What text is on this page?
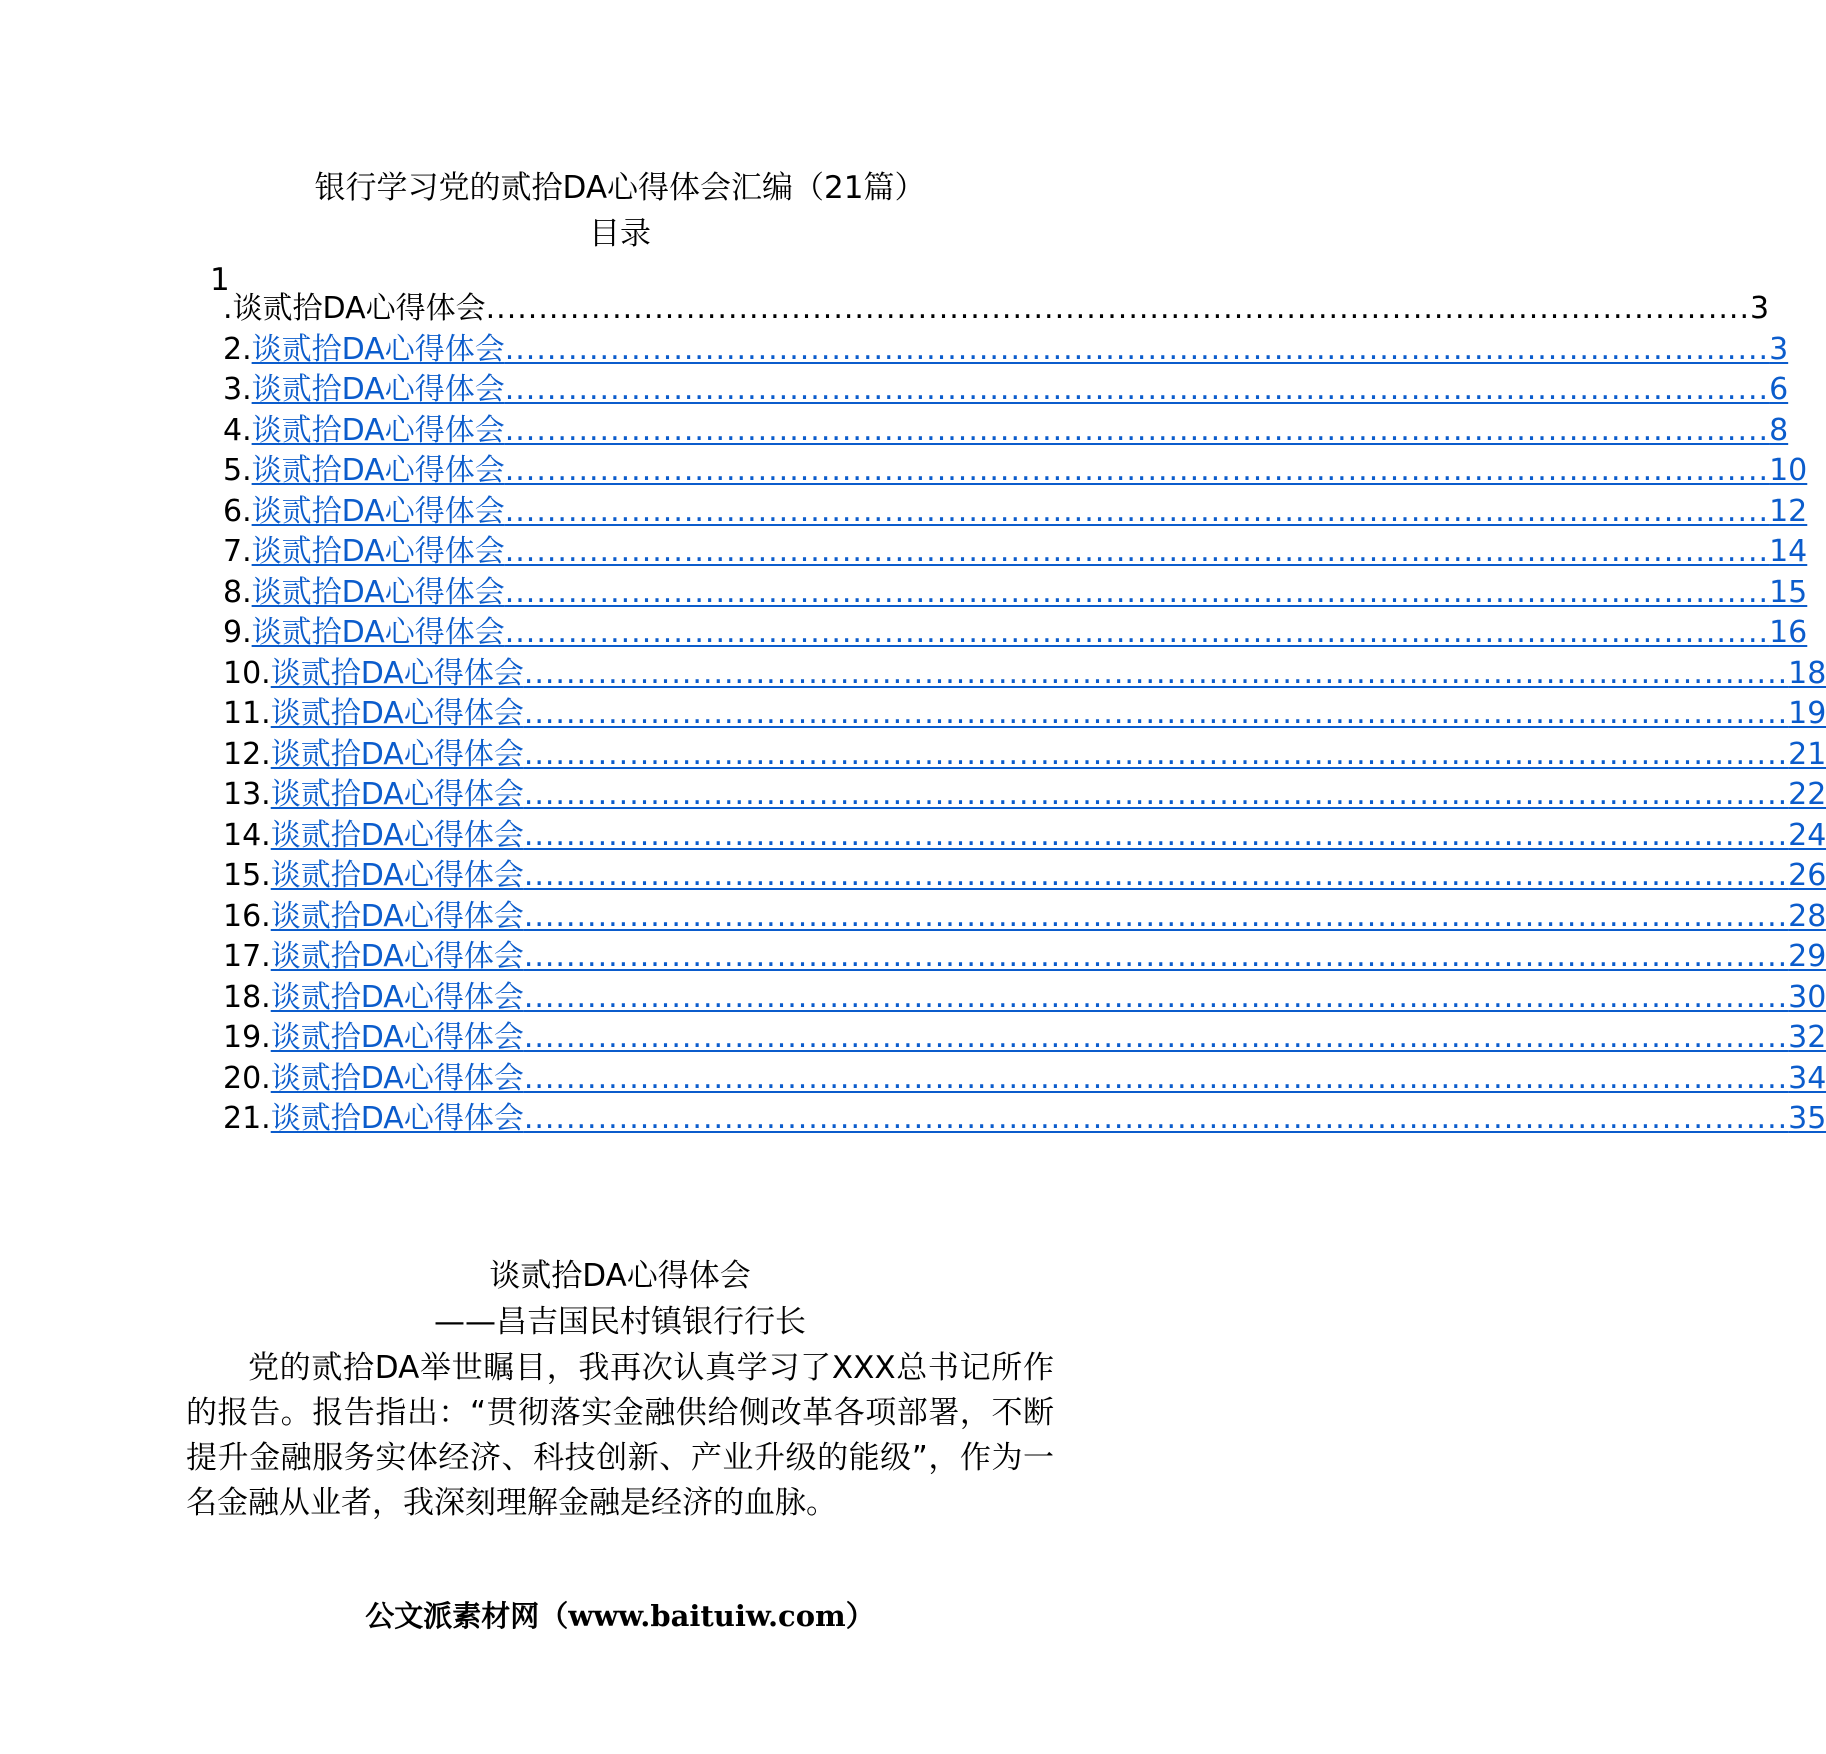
银行学习党的贰拾DA心得体会汇编（21篇）
目录
1
.谈贰拾DA心得体会 ........................................................................................................................ 3
2. 谈贰拾DA心得体会 ........................................................................................................................ 3
3. 谈贰拾DA心得体会 ........................................................................................................................ 6
4. 谈贰拾DA心得体会 ........................................................................................................................ 8
5. 谈贰拾DA心得体会 ........................................................................................................................ 10
6. 谈贰拾DA心得体会 ........................................................................................................................ 12
7. 谈贰拾DA心得体会 ........................................................................................................................ 14
8. 谈贰拾DA心得体会 ........................................................................................................................ 15
9. 谈贰拾DA心得体会 ........................................................................................................................ 16
10. 谈贰拾DA心得体会 ........................................................................................................................ 18
11. 谈贰拾DA心得体会 ........................................................................................................................ 19
12. 谈贰拾DA心得体会 ........................................................................................................................ 21
13. 谈贰拾DA心得体会 ........................................................................................................................ 22
14. 谈贰拾DA心得体会 ........................................................................................................................ 24
15. 谈贰拾DA心得体会 ........................................................................................................................ 26
16. 谈贰拾DA心得体会 ........................................................................................................................ 28
17. 谈贰拾DA心得体会 ........................................................................................................................ 29
18. 谈贰拾DA心得体会 ........................................................................................................................ 30
19. 谈贰拾DA心得体会 ........................................................................................................................ 32
20. 谈贰拾DA心得体会 ........................................................................................................................ 34
21. 谈贰拾DA心得体会 ........................................................................................................................ 35
谈贰拾DA心得体会
——昌吉国民村镇银行行长
党的贰拾DA举世瞩目，我再次认真学习了XXX总书记所作的报告。报告指出：“贯彻落实金融供给侧改革各项部署，不断提升金融服务实体经济、科技创新、产业升级的能级”，作为一名金融从业者，我深刻理解金融是经济的血脉。
公文派素材网（www.baituiw.com）
